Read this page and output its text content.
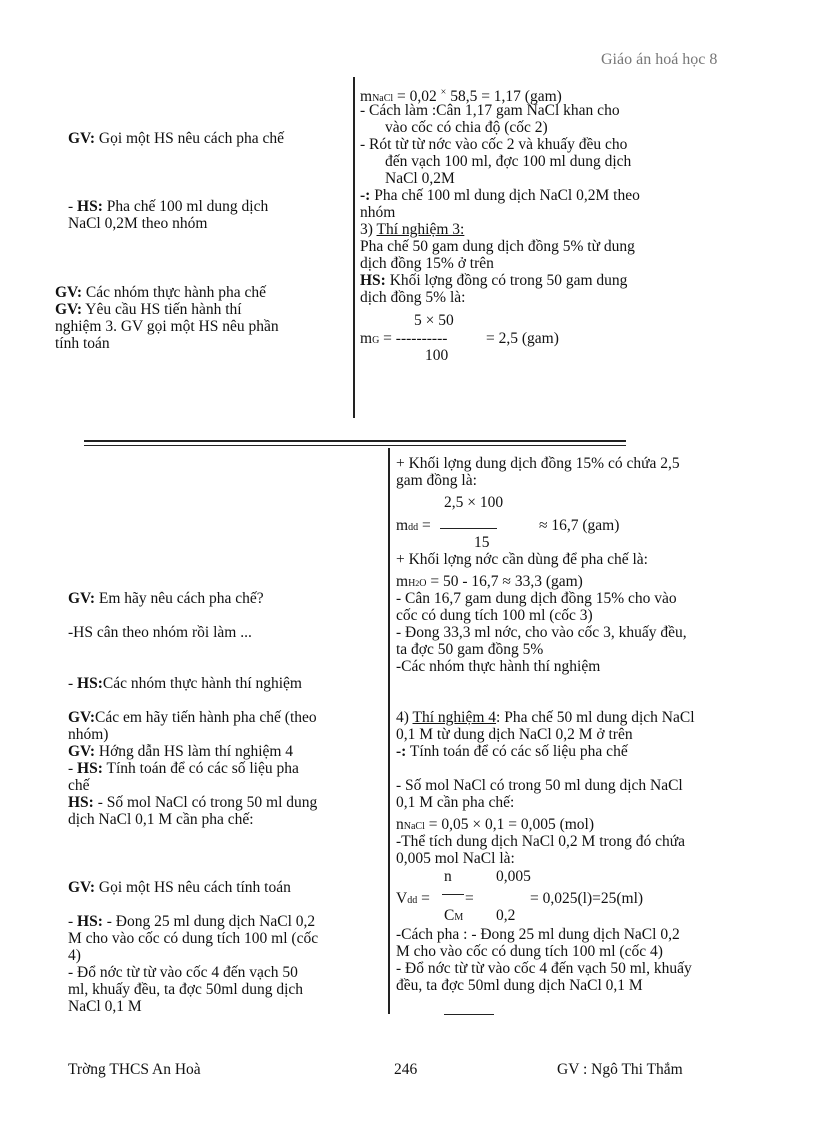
Giáo án hoá học 8
GV: Gọi một HS nêu cách pha chế
- HS: Pha chế 100 ml dung dịch
NaCl 0,2M theo nhóm
GV: Các nhóm thực hành pha chế
GV: Yêu cầu HS tiến hành thí
nghiệm 3. GV gọi một HS nêu phần
tính toán
mNaCl = 0,02 × 58,5 = 1,17 (gam)
- Cách làm :Cân 1,17 gam NaCl khan cho
vào cốc có chia độ (cốc 2)
- Rót từ từ nớc vào cốc 2 và khuấy đều cho
đến vạch 100 ml, đợc 100 ml dung dịch
NaCl 0,2M
-: Pha chế 100 ml dung dịch NaCl 0,2M theo
nhóm
3) Thí nghiệm 3:
Pha chế 50 gam dung dịch đồng 5% từ dung
dịch đồng 15% ở trên
HS: Khối lợng đồng có trong 50 gam dung
dịch đồng 5% là:
5 × 50
mG = ---------- = 2,5 (gam)
100
GV: Em hãy nêu cách pha chế?
-HS cân theo nhóm rồi làm ...
- HS:Các nhóm thực hành thí nghiệm
GV:Các em hãy tiến hành pha chế (theo
nhóm)
GV: Hớng dẫn HS làm thí nghiệm 4
- HS: Tính toán để có các số liệu pha
chế
HS: - Số mol NaCl có trong 50 ml dung
dịch NaCl 0,1 M cần pha chế:
GV: Gọi một HS nêu cách tính toán
- HS: - Đong 25 ml dung dịch NaCl 0,2
M cho vào cốc có dung tích 100 ml (cốc
4)
- Đổ nớc từ từ vào cốc 4 đến vạch 50
ml, khuấy đều, ta đợc 50ml dung dịch
NaCl 0,1 M
+ Khối lợng dung dịch đồng 15% có chứa 2,5
gam đồng là:
2,5 × 100
mdd =	≈ 16,7 (gam)
15
+ Khối lợng nớc cần dùng để pha chế là:
mH2O = 50 - 16,7 ≈ 33,3 (gam)
- Cân 16,7 gam dung dịch đồng 15% cho vào
cốc có dung tích 100 ml (cốc 3)
- Đong 33,3 ml nớc, cho vào cốc 3, khuấy đều,
ta đợc 50 gam đồng 5%
-Các nhóm thực hành thí nghiệm
4) Thí nghiệm 4: Pha chế 50 ml dung dịch NaCl
0,1 M từ dung dịch NaCl 0,2 M ở trên
-: Tính toán để có các số liệu pha chế
- Số mol NaCl có trong 50 ml dung dịch NaCl
0,1 M cần pha chế:
nNaCl = 0,05 × 0,1 = 0,005 (mol)
-Thể tích dung dịch NaCl 0,2 M trong đó chứa
0,005 mol NaCl là:
n	0,005
Vdd = =	= 0,025(l)=25(ml)
CM 0,2
-Cách pha : - Đong 25 ml dung dịch NaCl 0,2
M cho vào cốc có dung tích 100 ml (cốc 4)
- Đổ nớc từ từ vào cốc 4 đến vạch 50 ml, khuấy
đều, ta đợc 50ml dung dịch NaCl 0,1 M
Trờng THCS An Hoà	246	GV : Ngô Thi Thắm
